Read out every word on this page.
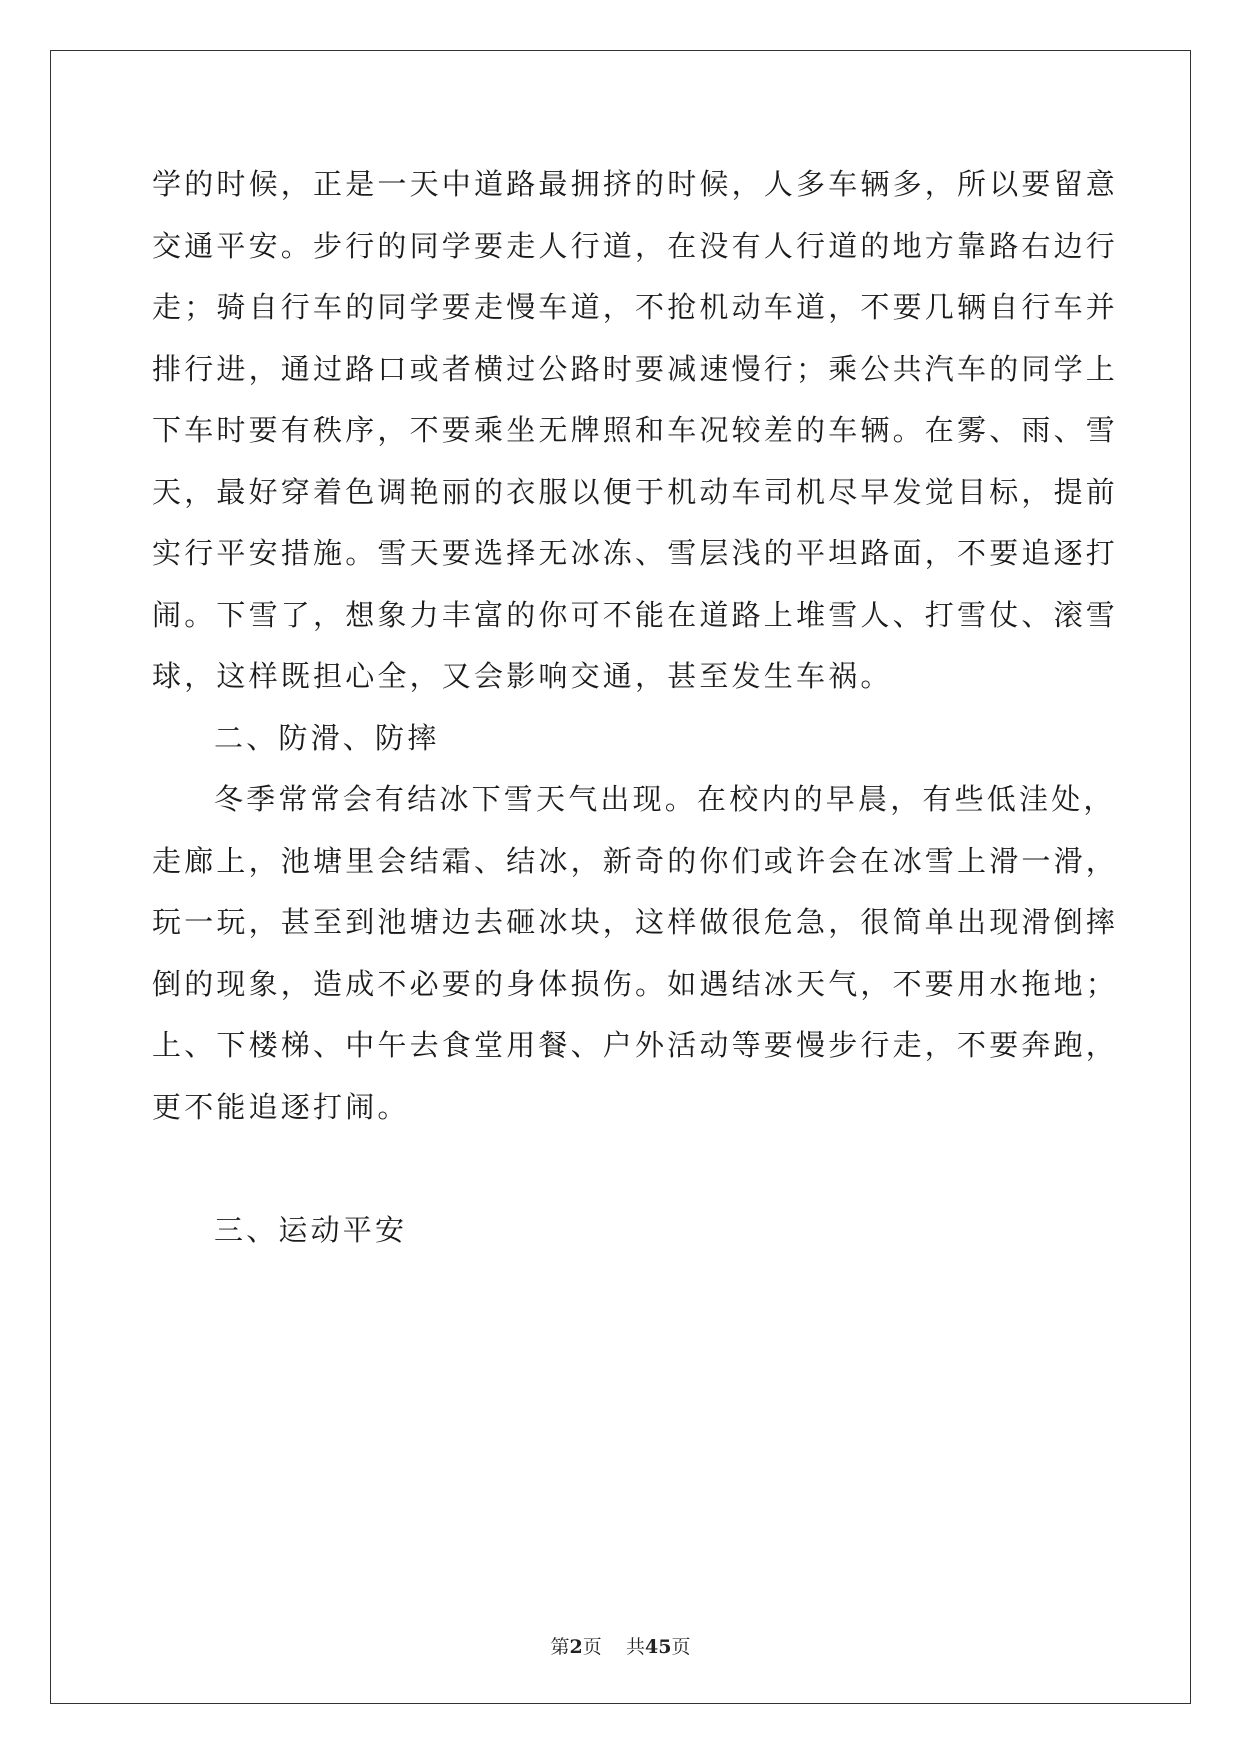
学的时候，正是一天中道路最拥挤的时候，人多车辆多，所以要留意
交通平安。步行的同学要走人行道，在没有人行道的地方靠路右边行
走；骑自行车的同学要走慢车道，不抢机动车道，不要几辆自行车并
排行进，通过路口或者横过公路时要减速慢行；乘公共汽车的同学上
下车时要有秩序，不要乘坐无牌照和车况较差的车辆。在雾、雨、雪
天，最好穿着色调艳丽的衣服以便于机动车司机尽早发觉目标，提前
实行平安措施。雪天要选择无冰冻、雪层浅的平坦路面，不要追逐打
闹。下雪了，想象力丰富的你可不能在道路上堆雪人、打雪仗、滚雪
球，这样既担心全，又会影响交通，甚至发生车祸。
二、防滑、防摔
冬季常常会有结冰下雪天气出现。在校内的早晨，有些低洼处，
走廊上，池塘里会结霜、结冰，新奇的你们或许会在冰雪上滑一滑，
玩一玩，甚至到池塘边去砸冰块，这样做很危急，很简单出现滑倒摔
倒的现象，造成不必要的身体损伤。如遇结冰天气，不要用水拖地；
上、下楼梯、中午去食堂用餐、户外活动等要慢步行走，不要奔跑，
更不能追逐打闹。
三、运动平安
第2页 共45页
